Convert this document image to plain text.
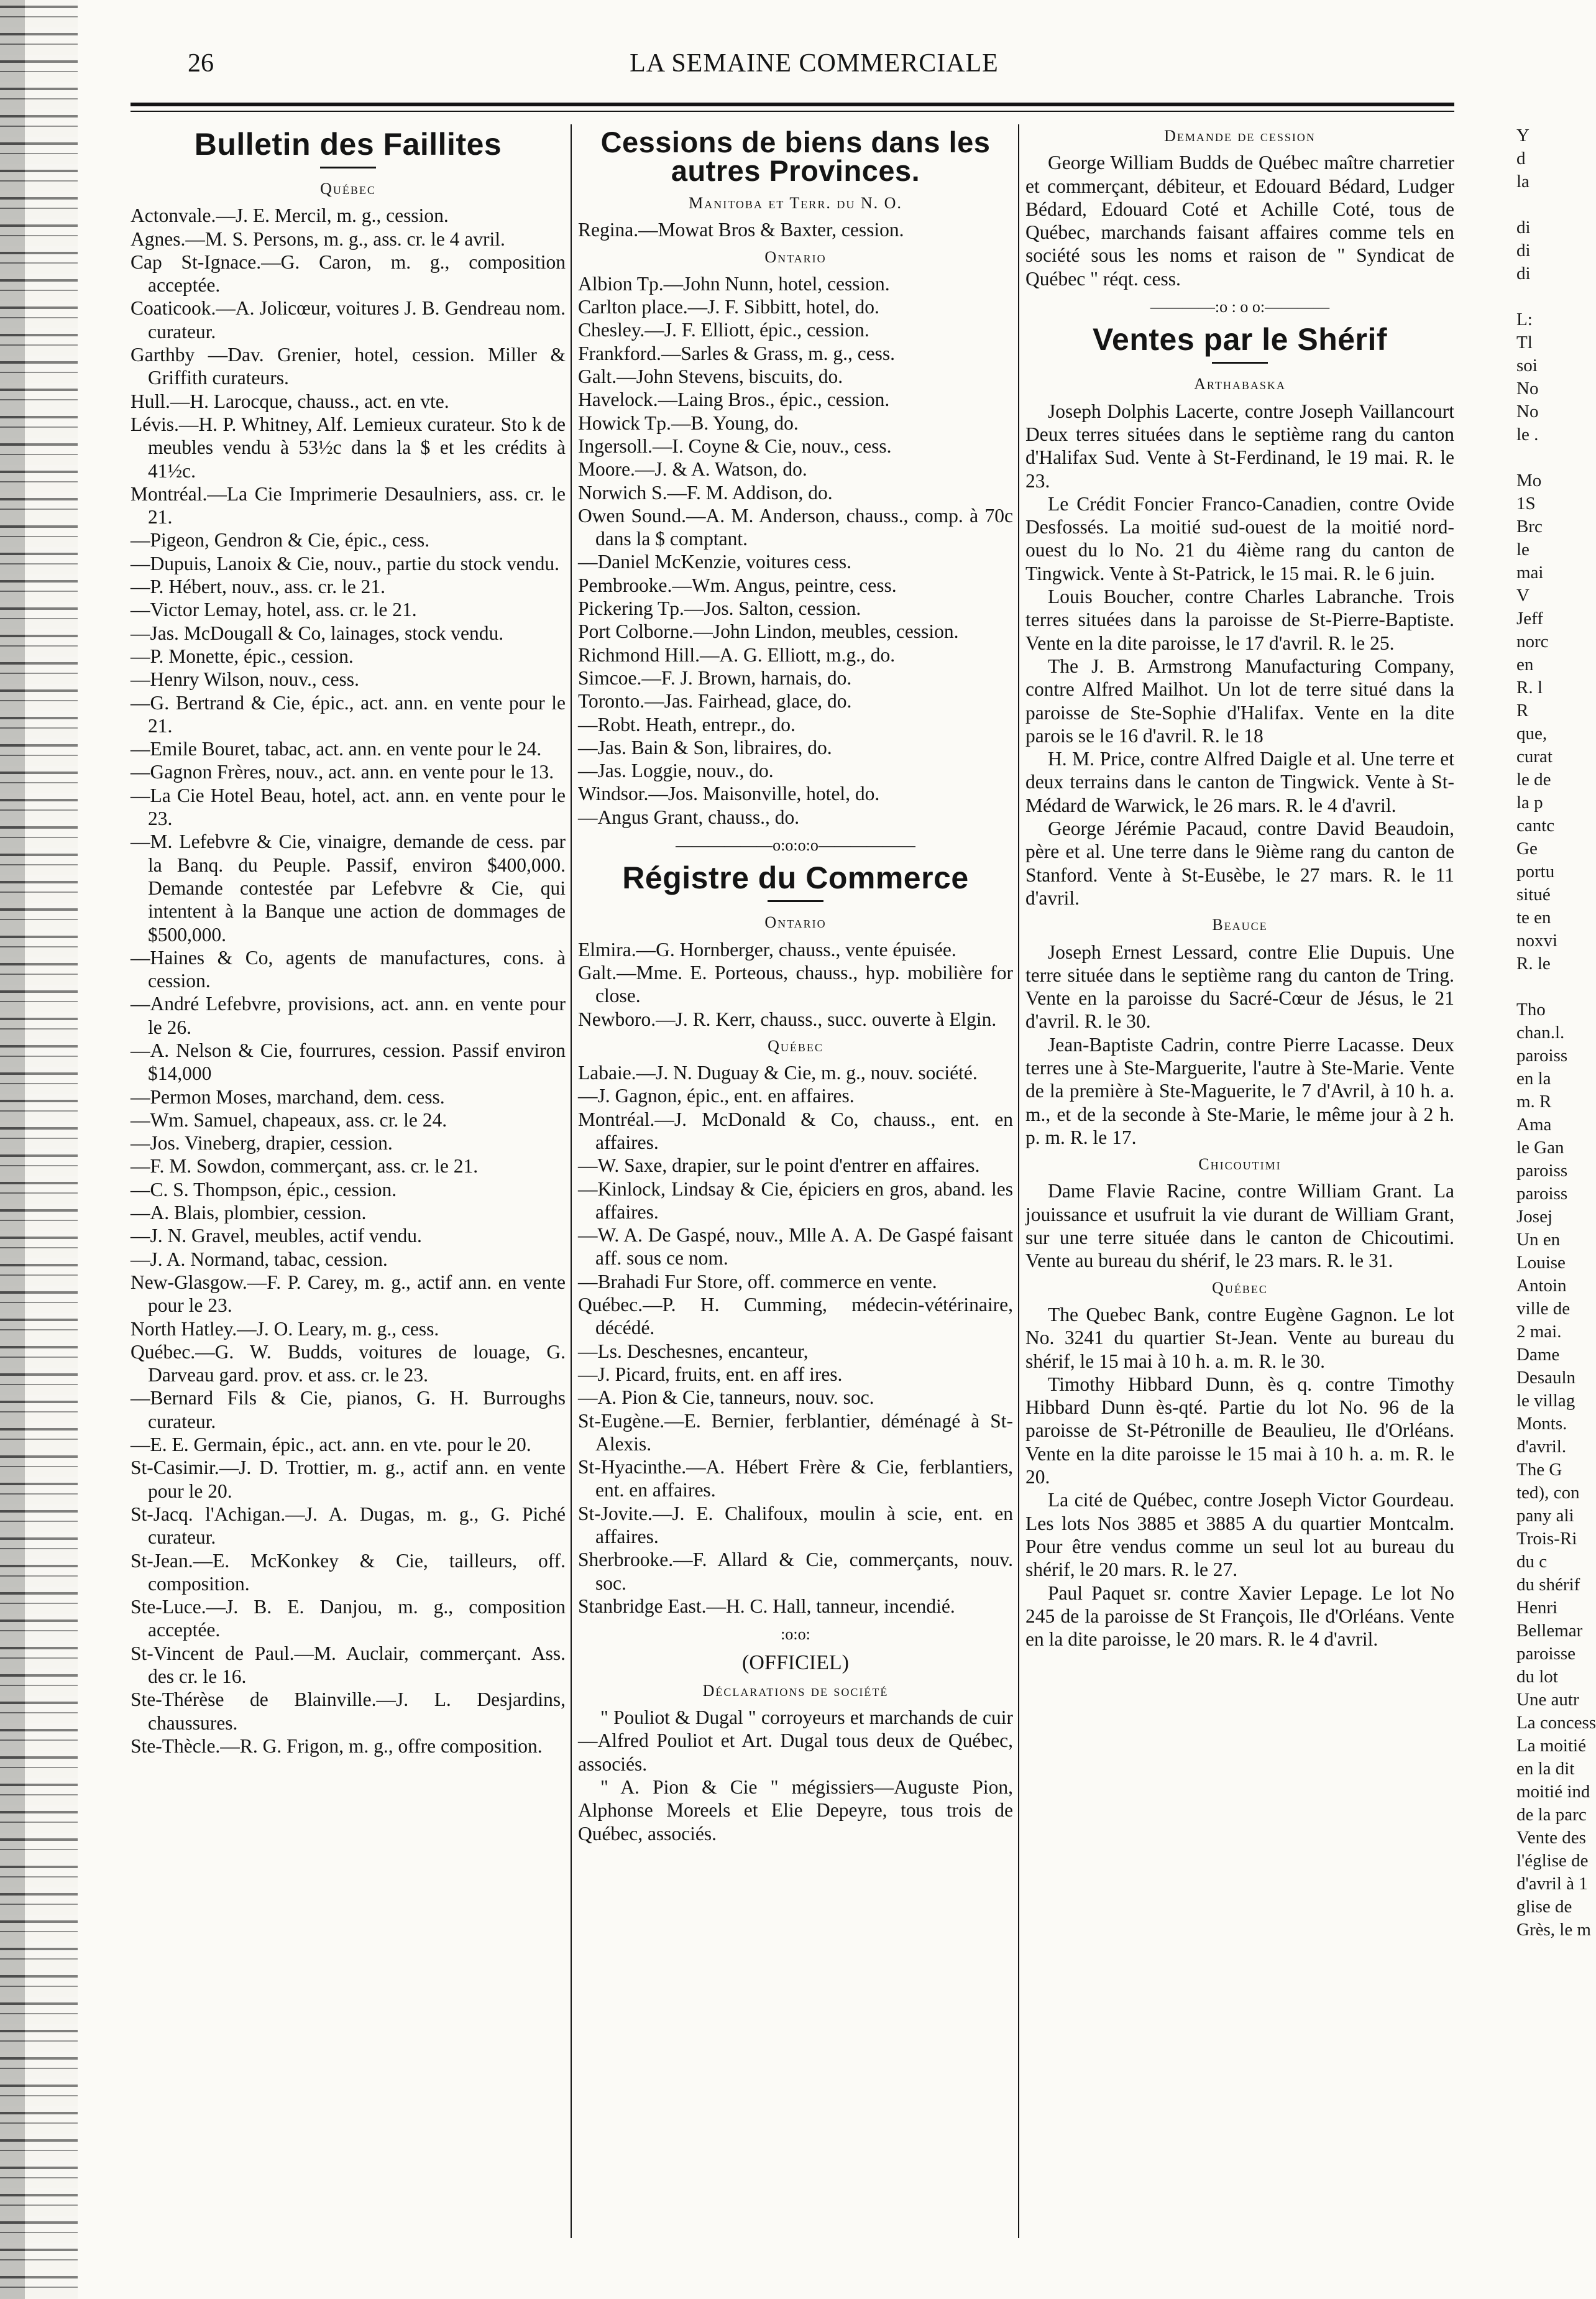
26	LA SEMAINE COMMERCIALE
Bulletin des Faillites
Québec
Actonvale.—J. E. Mercil, m. g., cession.
Agnes.—M. S. Persons, m. g., ass. cr. le 4 avril.
Cap St-Ignace.—G. Caron, m. g., composition acceptée.
Coaticook.—A. Jolicœur, voitures J. B. Gendreau nom. curateur.
Garthby —Dav. Grenier, hotel, cession. Miller & Griffith curateurs.
Hull.—H. Larocque, chauss., act. en vte.
Lévis.—H. P. Whitney, Alf. Lemieux curateur. Sto k de meubles vendu à 53½c dans la $ et les crédits à 41½c.
Montréal.—La Cie Imprimerie Desaulniers, ass. cr. le 21.
—Pigeon, Gendron & Cie, épic., cess.
—Dupuis, Lanoix & Cie, nouv., partie du stock vendu.
—P. Hébert, nouv., ass. cr. le 21.
—Victor Lemay, hotel, ass. cr. le 21.
—Jas. McDougall & Co, lainages, stock vendu.
—P. Monette, épic., cession.
—Henry Wilson, nouv., cess.
—G. Bertrand & Cie, épic., act. ann. en vente pour le 21.
—Emile Bouret, tabac, act. ann. en vente pour le 24.
—Gagnon Frères, nouv., act. ann. en vente pour le 13.
—La Cie Hotel Beau, hotel, act. ann. en vente pour le 23.
—M. Lefebvre & Cie, vinaigre, demande de cess. par la Banq. du Peuple. Passif, environ $400,000. Demande contestée par Lefebvre & Cie, qui intentent à la Banque une action de dommages de $500,000.
—Haines & Co, agents de manufactures, cons. à cession.
—André Lefebvre, provisions, act. ann. en vente pour le 26.
—A. Nelson & Cie, fourrures, cession. Passif environ $14,000
—Permon Moses, marchand, dem. cess.
—Wm. Samuel, chapeaux, ass. cr. le 24.
—Jos. Vineberg, drapier, cession.
—F. M. Sowdon, commerçant, ass. cr. le 21.
—C. S. Thompson, épic., cession.
—A. Blais, plombier, cession.
—J. N. Gravel, meubles, actif vendu.
—J. A. Normand, tabac, cession.
New-Glasgow.—F. P. Carey, m. g., actif ann. en vente pour le 23.
North Hatley.—J. O. Leary, m. g., cess.
Québec.—G. W. Budds, voitures de louage, G. Darveau gard. prov. et ass. cr. le 23.
—Bernard Fils & Cie, pianos, G. H. Burroughs curateur.
—E. E. Germain, épic., act. ann. en vte. pour le 20.
St-Casimir.—J. D. Trottier, m. g., actif ann. en vente pour le 20.
St-Jacq. l'Achigan.—J. A. Dugas, m. g., G. Piché curateur.
St-Jean.—E. McKonkey & Cie, tailleurs, off. composition.
Ste-Luce.—J. B. E. Danjou, m. g., composition acceptée.
St-Vincent de Paul.—M. Auclair, commerçant. Ass. des cr. le 16.
Ste-Thérèse de Blainville.—J. L. Desjardins, chaussures.
Ste-Thècle.—R. G. Frigon, m. g., offre composition.
Cessions de biens dans les autres Provinces.
Manitoba et Terr. du N. O.
Regina.—Mowat Bros & Baxter, cession.
Ontario
Albion Tp.—John Nunn, hotel, cession.
Carlton place.—J. F. Sibbitt, hotel, do.
Chesley.—J. F. Elliott, épic., cession.
Frankford.—Sarles & Grass, m. g., cess.
Galt.—John Stevens, biscuits, do.
Havelock.—Laing Bros., épic., cession.
Howick Tp.—B. Young, do.
Ingersoll.—I. Coyne & Cie, nouv., cess.
Moore.—J. & A. Watson, do.
Norwich S.—F. M. Addison, do.
Owen Sound.—A. M. Anderson, chauss., comp. à 70c dans la $ comptant.
—Daniel McKenzie, voitures cess.
Pembrooke.—Wm. Angus, peintre, cess.
Pickering Tp.—Jos. Salton, cession.
Port Colborne.—John Lindon, meubles, cession.
Richmond Hill.—A. G. Elliott, m.g., do.
Simcoe.—F. J. Brown, harnais, do.
Toronto.—Jas. Fairhead, glace, do.
—Robt. Heath, entrepr., do.
—Jas. Bain & Son, libraires, do.
—Jas. Loggie, nouv., do.
Windsor.—Jos. Maisonville, hotel, do.
—Angus Grant, chauss., do.
——————o:o:o:o——————
Régistre du Commerce
Ontario
Elmira.—G. Hornberger, chauss., vente épuisée.
Galt.—Mme. E. Porteous, chauss., hyp. mobilière for close.
Newboro.—J. R. Kerr, chauss., succ. ouverte à Elgin.
Québec
Labaie.—J. N. Duguay & Cie, m. g., nouv. société.
—J. Gagnon, épic., ent. en affaires.
Montréal.—J. McDonald & Co, chauss., ent. en affaires.
—W. Saxe, drapier, sur le point d'entrer en affaires.
—Kinlock, Lindsay & Cie, épiciers en gros, aband. les affaires.
—W. A. De Gaspé, nouv., Mlle A. A. De Gaspé faisant aff. sous ce nom.
—Brahadi Fur Store, off. commerce en vente.
Québec.—P. H. Cumming, médecin-vétérinaire, décédé.
—Ls. Deschesnes, encanteur,
—J. Picard, fruits, ent. en aff ires.
—A. Pion & Cie, tanneurs, nouv. soc.
St-Eugène.—E. Bernier, ferblantier, déménagé à St-Alexis.
St-Hyacinthe.—A. Hébert Frère & Cie, ferblantiers, ent. en affaires.
St-Jovite.—J. E. Chalifoux, moulin à scie, ent. en affaires.
Sherbrooke.—F. Allard & Cie, commerçants, nouv. soc.
Stanbridge East.—H. C. Hall, tanneur, incendié.
:o:o:
(OFFICIEL)
Déclarations de société
" Pouliot & Dugal " corroyeurs et marchands de cuir—Alfred Pouliot et Art. Dugal tous deux de Québec, associés.
" A. Pion & Cie " mégissiers—Auguste Pion, Alphonse Moreels et Elie Depeyre, tous trois de Québec, associés.
Demande de cession
George William Budds de Québec maître charretier et commerçant, débiteur, et Edouard Bédard, Ludger Bédard, Edouard Coté et Achille Coté, tous de Québec, marchands faisant affaires comme tels en société sous les noms et raison de " Syndicat de Québec " réqt. cess.
————:o : o o:————
Ventes par le Shérif
Arthabaska
Joseph Dolphis Lacerte, contre Joseph Vaillancourt Deux terres situées dans le septième rang du canton d'Halifax Sud. Vente à St-Ferdinand, le 19 mai. R. le 23.
Le Crédit Foncier Franco-Canadien, contre Ovide Desfossés. La moitié sud-ouest de la moitié nord-ouest du lo No. 21 du 4ième rang du canton de Tingwick. Vente à St-Patrick, le 15 mai. R. le 6 juin.
Louis Boucher, contre Charles Labranche. Trois terres situées dans la paroisse de St-Pierre-Baptiste. Vente en la dite paroisse, le 17 d'avril. R. le 25.
The J. B. Armstrong Manufacturing Company, contre Alfred Mailhot. Un lot de terre situé dans la paroisse de Ste-Sophie d'Halifax. Vente en la dite parois se le 16 d'avril. R. le 18
H. M. Price, contre Alfred Daigle et al. Une terre et deux terrains dans le canton de Tingwick. Vente à St-Médard de Warwick, le 26 mars. R. le 4 d'avril.
George Jérémie Pacaud, contre David Beaudoin, père et al. Une terre dans le 9ième rang du canton de Stanford. Vente à St-Eusèbe, le 27 mars. R. le 11 d'avril.
Beauce
Joseph Ernest Lessard, contre Elie Dupuis. Une terre située dans le septième rang du canton de Tring. Vente en la paroisse du Sacré-Cœur de Jésus, le 21 d'avril. R. le 30.
Jean-Baptiste Cadrin, contre Pierre Lacasse. Deux terres une à Ste-Marguerite, l'autre à Ste-Marie. Vente de la première à Ste-Maguerite, le 7 d'Avril, à 10 h. a. m., et de la seconde à Ste-Marie, le même jour à 2 h. p. m. R. le 17.
Chicoutimi
Dame Flavie Racine, contre William Grant. La jouissance et usufruit la vie durant de William Grant, sur une terre située dans le canton de Chicoutimi. Vente au bureau du shérif, le 23 mars. R. le 31.
Québec
The Quebec Bank, contre Eugène Gagnon. Le lot No. 3241 du quartier St-Jean. Vente au bureau du shérif, le 15 mai à 10 h. a. m. R. le 30.
Timothy Hibbard Dunn, ès q. contre Timothy Hibbard Dunn ès-qté. Partie du lot No. 96 de la paroisse de St-Pétronille de Beaulieu, Ile d'Orléans. Vente en la dite paroisse le 15 mai à 10 h. a. m. R. le 20.
La cité de Québec, contre Joseph Victor Gourdeau. Les lots Nos 3885 et 3885 A du quartier Montcalm. Pour être vendus comme un seul lot au bureau du shérif, le 20 mars. R. le 27.
Paul Paquet sr. contre Xavier Lepage. Le lot No 245 de la paroisse de St François, Ile d'Orléans. Vente en la dite paroisse, le 20 mars. R. le 4 d'avril.
Y
d
la
di
di
di
L:
Tl
soi
No
No
le .
Mo
1S
Brc
le
mai
V
Jeff
norc
en
R. l
R
que,
curat
le de
la p
cantc
Ge
portu
situé
te en
noxvi
R. le
Tho
chan.l.
paroiss
en la
m. R
Ama
le Gan
paroiss
paroiss
Josej
Un en
Louise
Antoin
ville de
2 mai.
Dame
Desauln
le villag
Monts.
d'avril.
The G
ted), con
pany ali
Trois-Ri
du c
du shérif
Henri
Bellemar
paroisse
du lot
Une autr
La concess
La moitié
en la dit
moitié ind
de la parc
Vente des
l'église de
d'avril à 1
glise de
Grès, le m
